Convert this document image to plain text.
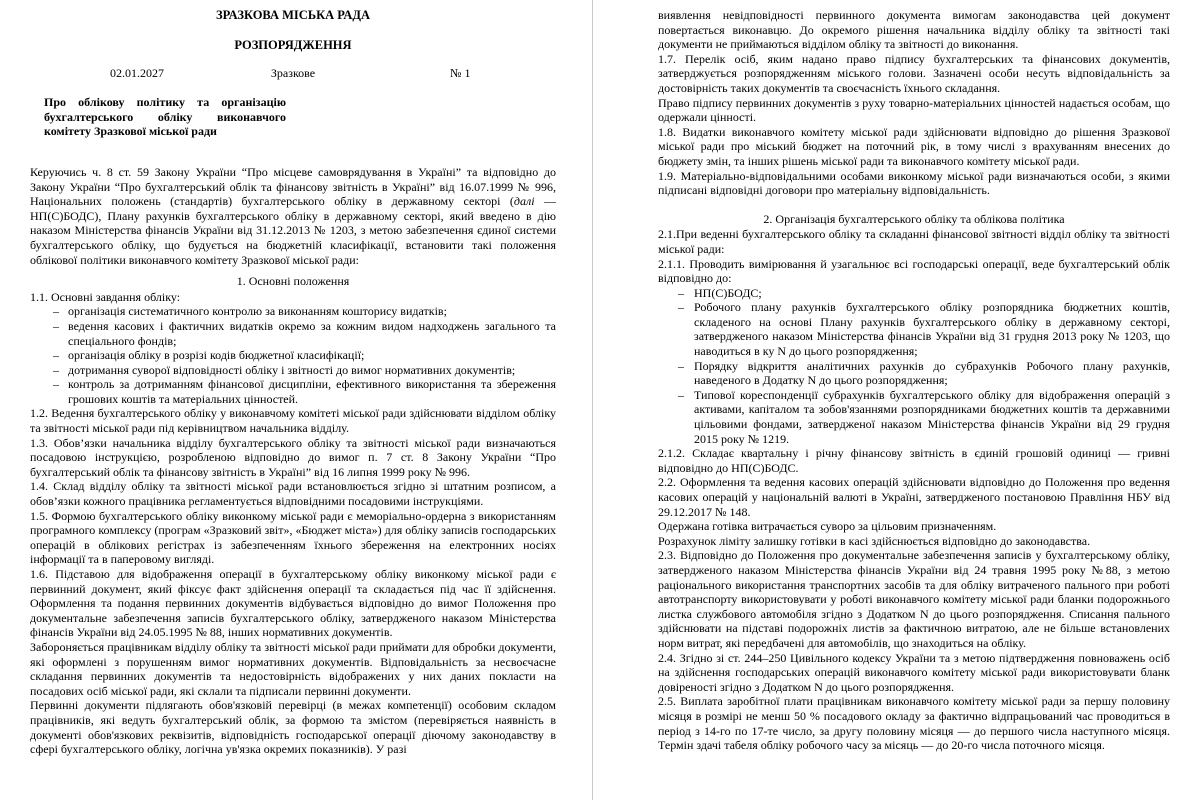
ЗРАЗКОВА МІСЬКА РАДА
РОЗПОРЯДЖЕННЯ
02.01.2027	Зразкове	№ 1
Про облікову політику та організацію бухгалтерського обліку виконавчого комітету Зразкової міської ради

Керуючись ч. 8 ст. 59 Закону України “Про місцеве самоврядування в Україні” та відповідно до Закону України “Про бухгалтерський облік та фінансову звітність в Україні” від 16.07.1999 № 996, Національних положень (стандартів) бухгалтерського обліку в державному секторі (далі — НП(С)БОДС), Плану рахунків бухгалтерського обліку в державному секторі, який введено в дію наказом Міністерства фінансів України від 31.12.2013 № 1203, з метою забезпечення єдиної системи бухгалтерського обліку, що будується на бюджетній класифікації, встановити такі положення облікової політики виконавчого комітету Зразкової міської ради:

1. Основні положення

1.1. Основні завдання обліку:

– організація систематичного контролю за виконанням кошторису видатків;
– ведення касових і фактичних видатків окремо за кожним видом надходжень загального та спеціального фондів;
– організація обліку в розрізі кодів бюджетної класифікації;
– дотримання суворої відповідності обліку і звітності до вимог нормативних документів;
– контроль за дотриманням фінансової дисципліни, ефективного використання та збереження грошових коштів та матеріальних цінностей.

1.2. Ведення бухгалтерського обліку у виконавчому комітеті міської ради здійснювати відділом обліку та звітності міської ради під керівництвом начальника відділу.

1.3. Обов’язки начальника відділу бухгалтерського обліку та звітності міської ради визначаються посадовою інструкцією, розробленою відповідно до вимог п. 7 ст. 8 Закону України “Про бухгалтерський облік та фінансову звітність в Україні” від 16 липня 1999 року № 996.

1.4. Склад відділу обліку та звітності міської ради встановлюється згідно зі штатним розписом, а обов’язки кожного працівника регламентується відповідними посадовими інструкціями.

1.5. Формою бухгалтерського обліку виконкому міської ради є меморіально-ордерна з використанням програмного комплексу (програм «Зразковий звіт», «Бюджет міста») для обліку записів господарських операцій в облікових регістрах із забезпеченням їхнього збереження на електронних носіях інформації та в паперовому вигляді.

1.6. Підставою для відображення операції в бухгалтерському обліку виконкому міської ради є первинний документ, який фіксує факт здійснення операції та складається під час її здійснення. Оформлення та подання первинних документів відбувається відповідно до вимог Положення про документальне забезпечення записів бухгалтерського обліку, затвердженого наказом Міністерства фінансів України від 24.05.1995 № 88, інших нормативних документів.

Забороняється працівникам відділу обліку та звітності міської ради приймати для обробки документи, які оформлені з порушенням вимог нормативних документів. Відповідальність за несвоєчасне складання первинних документів та недостовірність відображених у них даних покласти на посадових осіб міської ради, які склали та підписали первинні документи.

Первинні документи підлягають обов'язковій перевірці (в межах компетенції) особовим складом працівників, які ведуть бухгалтерський облік, за формою та змістом (перевіряється наявність в документі обов'язкових реквізитів, відповідність господарської операції діючому законодавству в сфері бухгалтерського обліку, логічна ув'язка окремих показників). У разі

виявлення невідповідності первинного документа вимогам законодавства цей документ повертається виконавцю. До окремого рішення начальника відділу обліку та звітності такі документи не приймаються відділом обліку та звітності до виконання.

1.7. Перелік осіб, яким надано право підпису бухгалтерських та фінансових документів, затверджується розпорядженням міського голови. Зазначені особи несуть відповідальність за достовірність таких документів та своєчасність їхнього складання.

Право підпису первинних документів з руху товарно-матеріальних цінностей надається особам, що одержали цінності.

1.8. Видатки виконавчого комітету міської ради здійснювати відповідно до рішення Зразкової міської ради про міський бюджет на поточний рік, в тому числі з врахуванням внесених до бюджету змін, та інших рішень міської ради та виконавчого комітету міської ради.

1.9. Матеріально-відповідальними особами виконкому міської ради визначаються особи, з якими підписані відповідні договори про матеріальну відповідальність.

2. Організація бухгалтерського обліку та облікова політика

2.1.При веденні бухгалтерського обліку та складанні фінансової звітності відділ обліку та звітності міської ради:

2.1.1. Проводить вимірювання й узагальнює всі господарські операції, веде бухгалтерський облік відповідно до:

– НП(С)БОДС;
– Робочого плану рахунків бухгалтерського обліку розпорядника бюджетних коштів, складеного на основі Плану рахунків бухгалтерського обліку в державному секторі, затвердженого наказом Міністерства фінансів України від 31 грудня 2013 року № 1203, що наводиться в ку N до цього розпорядження;
– Порядку відкриття аналітичних рахунків до субрахунків Робочого плану рахунків, наведеного в Додатку N до цього розпорядження;
– Типової кореспонденції субрахунків бухгалтерського обліку для відображення операцій з активами, капіталом та зобов'язаннями розпорядниками бюджетних коштів та державними цільовими фондами, затвердженої наказом Міністерства фінансів України від 29 грудня 2015 року № 1219.

2.1.2. Складає квартальну і річну фінансову звітність в єдиній грошовій одиниці — гривні відповідно до НП(С)БОДС.

2.2. Оформлення та ведення касових операцій здійснювати відповідно до Положення про ведення касових операцій у національній валюті в Україні, затвердженого постановою Правління НБУ від 29.12.2017 № 148.

Одержана готівка витрачається суворо за цільовим призначенням.

Розрахунок ліміту залишку готівки в касі здійснюється відповідно до законодавства.

2.3. Відповідно до Положення про документальне забезпечення записів у бухгалтерському обліку, затвердженого наказом Міністерства фінансів України від 24 травня 1995 року №88, з метою раціонального використання транспортних засобів та для обліку витраченого пального при роботі автотранспорту використовувати у роботі виконавчого комітету міської ради бланки подорожнього листка службового автомобіля згідно з Додатком N до цього розпорядження. Списання пального здійснювати на підставі подорожніх листів за фактичною витратою, але не більше встановлених норм витрат, які передбачені для автомобілів, що знаходиться на обліку.

2.4. Згідно зі ст. 244–250 Цивільного кодексу України та з метою підтвердження повноважень осіб на здійснення господарських операцій виконавчого комітету міської ради використовувати бланк довіреності згідно з Додатком N до цього розпорядження.

2.5. Виплата заробітної плати працівникам виконавчого комітету міської ради за першу половину місяця в розмірі не менш 50 % посадового окладу за фактично відпрацьований час проводиться в період з 14-го по 17-те число, за другу половину місяця — до першого числа наступного місяця. Термін здачі табеля обліку робочого часу за місяць — до 20-го числа поточного місяця.
